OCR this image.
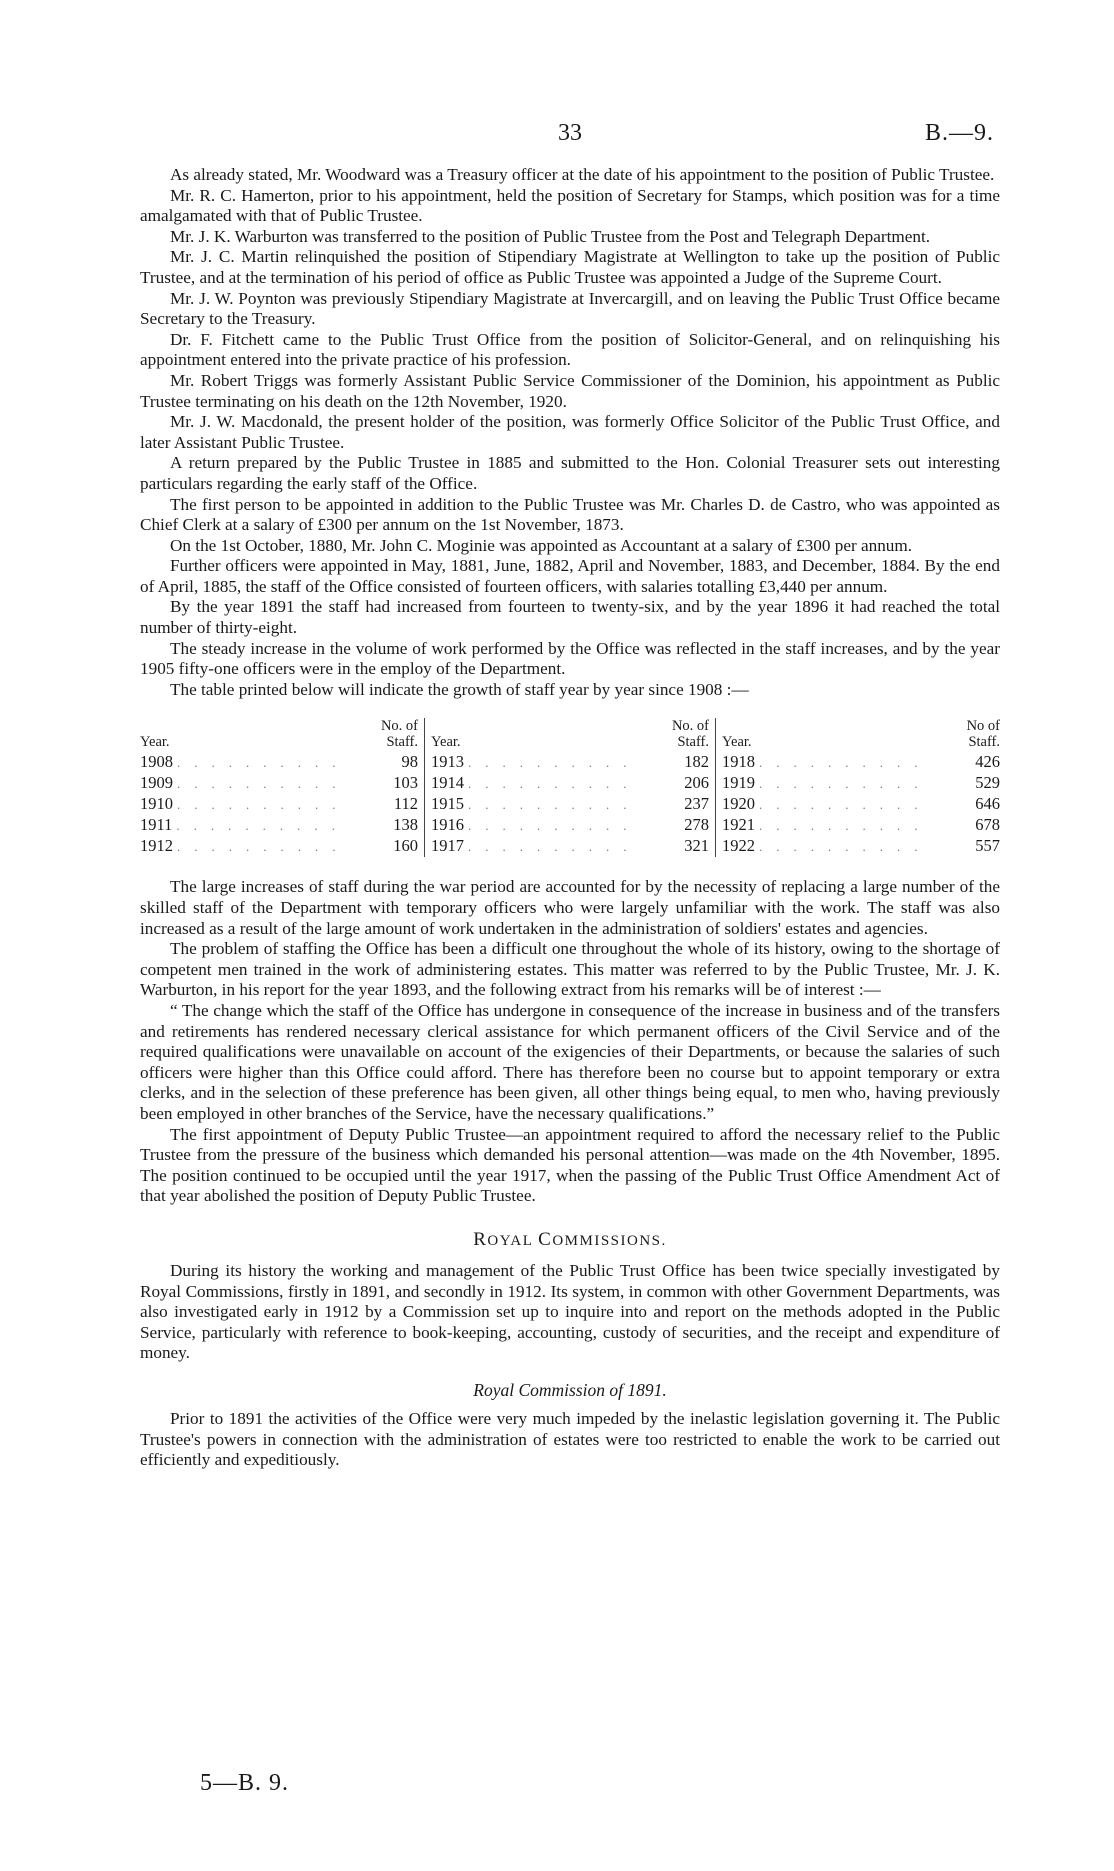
33	B.—9.

As already stated, Mr. Woodward was a Treasury officer at the date of his appointment to the position of Public Trustee.

Mr. R. C. Hamerton, prior to his appointment, held the position of Secretary for Stamps, which position was for a time amalgamated with that of Public Trustee.

Mr. J. K. Warburton was transferred to the position of Public Trustee from the Post and Telegraph Department.

Mr. J. C. Martin relinquished the position of Stipendiary Magistrate at Wellington to take up the position of Public Trustee, and at the termination of his period of office as Public Trustee was appointed a Judge of the Supreme Court.

Mr. J. W. Poynton was previously Stipendiary Magistrate at Invercargill, and on leaving the Public Trust Office became Secretary to the Treasury.

Dr. F. Fitchett came to the Public Trust Office from the position of Solicitor-General, and on relinquishing his appointment entered into the private practice of his profession.

Mr. Robert Triggs was formerly Assistant Public Service Commissioner of the Dominion, his appointment as Public Trustee terminating on his death on the 12th November, 1920.

Mr. J. W. Macdonald, the present holder of the position, was formerly Office Solicitor of the Public Trust Office, and later Assistant Public Trustee.

A return prepared by the Public Trustee in 1885 and submitted to the Hon. Colonial Treasurer sets out interesting particulars regarding the early staff of the Office.

The first person to be appointed in addition to the Public Trustee was Mr. Charles D. de Castro, who was appointed as Chief Clerk at a salary of £300 per annum on the 1st November, 1873.

On the 1st October, 1880, Mr. John C. Moginie was appointed as Accountant at a salary of £300 per annum.

Further officers were appointed in May, 1881, June, 1882, April and November, 1883, and December, 1884. By the end of April, 1885, the staff of the Office consisted of fourteen officers, with salaries totalling £3,440 per annum.

By the year 1891 the staff had increased from fourteen to twenty-six, and by the year 1896 it had reached the total number of thirty-eight.

The steady increase in the volume of work performed by the Office was reflected in the staff increases, and by the year 1905 fifty-one officers were in the employ of the Department.

The table printed below will indicate the growth of staff year by year since 1908 :—

Year.
No. of
Staff.
1908 ..........	98
1909 ..........	103
1910 ..........	112
1911 ..........	138
1912 ..........	160
Year.
No. of
Staff.
1913 ..........	182
1914 ..........	206
1915 ..........	237
1916 ..........	278
1917 ..........	321
Year.
No of
Staff.
1918 ..........	426
1919 ..........	529
1920 ..........	646
1921 ..........	678
1922 ..........	557

The large increases of staff during the war period are accounted for by the necessity of replacing a large number of the skilled staff of the Department with temporary officers who were largely unfamiliar with the work. The staff was also increased as a result of the large amount of work undertaken in the administration of soldiers' estates and agencies.

The problem of staffing the Office has been a difficult one throughout the whole of its history, owing to the shortage of competent men trained in the work of administering estates. This matter was referred to by the Public Trustee, Mr. J. K. Warburton, in his report for the year 1893, and the following extract from his remarks will be of interest :—

“ The change which the staff of the Office has undergone in consequence of the increase in business and of the transfers and retirements has rendered necessary clerical assistance for which permanent officers of the Civil Service and of the required qualifications were unavailable on account of the exigencies of their Departments, or because the salaries of such officers were higher than this Office could afford. There has therefore been no course but to appoint temporary or extra clerks, and in the selection of these preference has been given, all other things being equal, to men who, having previously been employed in other branches of the Service, have the necessary qualifications.”

The first appointment of Deputy Public Trustee—an appointment required to afford the necessary relief to the Public Trustee from the pressure of the business which demanded his personal attention—was made on the 4th November, 1895. The position continued to be occupied until the year 1917, when the passing of the Public Trust Office Amendment Act of that year abolished the position of Deputy Public Trustee.

ROYAL COMMISSIONS.

During its history the working and management of the Public Trust Office has been twice specially investigated by Royal Commissions, firstly in 1891, and secondly in 1912. Its system, in common with other Government Departments, was also investigated early in 1912 by a Commission set up to inquire into and report on the methods adopted in the Public Service, particularly with reference to book-keeping, accounting, custody of securities, and the receipt and expenditure of money.

Royal Commission of 1891.

Prior to 1891 the activities of the Office were very much impeded by the inelastic legislation governing it. The Public Trustee's powers in connection with the administration of estates were too restricted to enable the work to be carried out efficiently and expeditiously.

5—B. 9.
